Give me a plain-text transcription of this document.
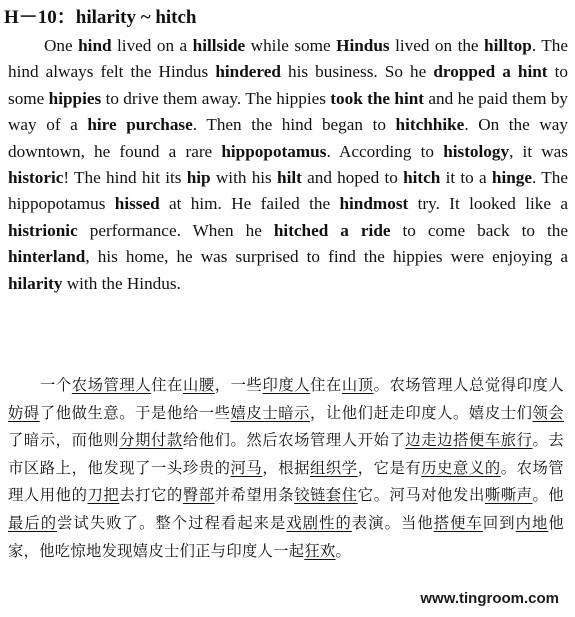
H－10：hilarity ~ hitch
One hind lived on a hillside while some Hindus lived on the hilltop. The hind always felt the Hindus hindered his business. So he dropped a hint to some hippies to drive them away. The hippies took the hint and he paid them by way of a hire purchase. Then the hind began to hitchhike. On the way downtown, he found a rare hippopotamus. According to histology, it was historic! The hind hit its hip with his hilt and hoped to hitch it to a hinge. The hippopotamus hissed at him. He failed the hindmost try. It looked like a histrionic performance. When he hitched a ride to come back to the hinterland, his home, he was surprised to find the hippies were enjoying a hilarity with the Hindus.
一个农场管理人住在山腰，一些印度人住在山顶。农场管理人总觉得印度人妨碍了他做生意。于是他给一些嬉皮士暗示，让他们赶走印度人。嬉皮士们领会了暗示，而他则分期付款给他们。然后农场管理人开始了边走边搭便车旅行。去市区路上，他发现了一头珍贵的河马，根据组织学，它是有历史意义的。农场管理人用他的刀把去打它的臀部并希望用条铰链套住它。河马对他发出嘶嘶声。他最后的尝试失败了。整个过程看起来是戏剧性的表演。当他搭便车回到内地他家，他吃惊地发现嬉皮士们正与印度人一起狂欢。
www.tingroom.com
